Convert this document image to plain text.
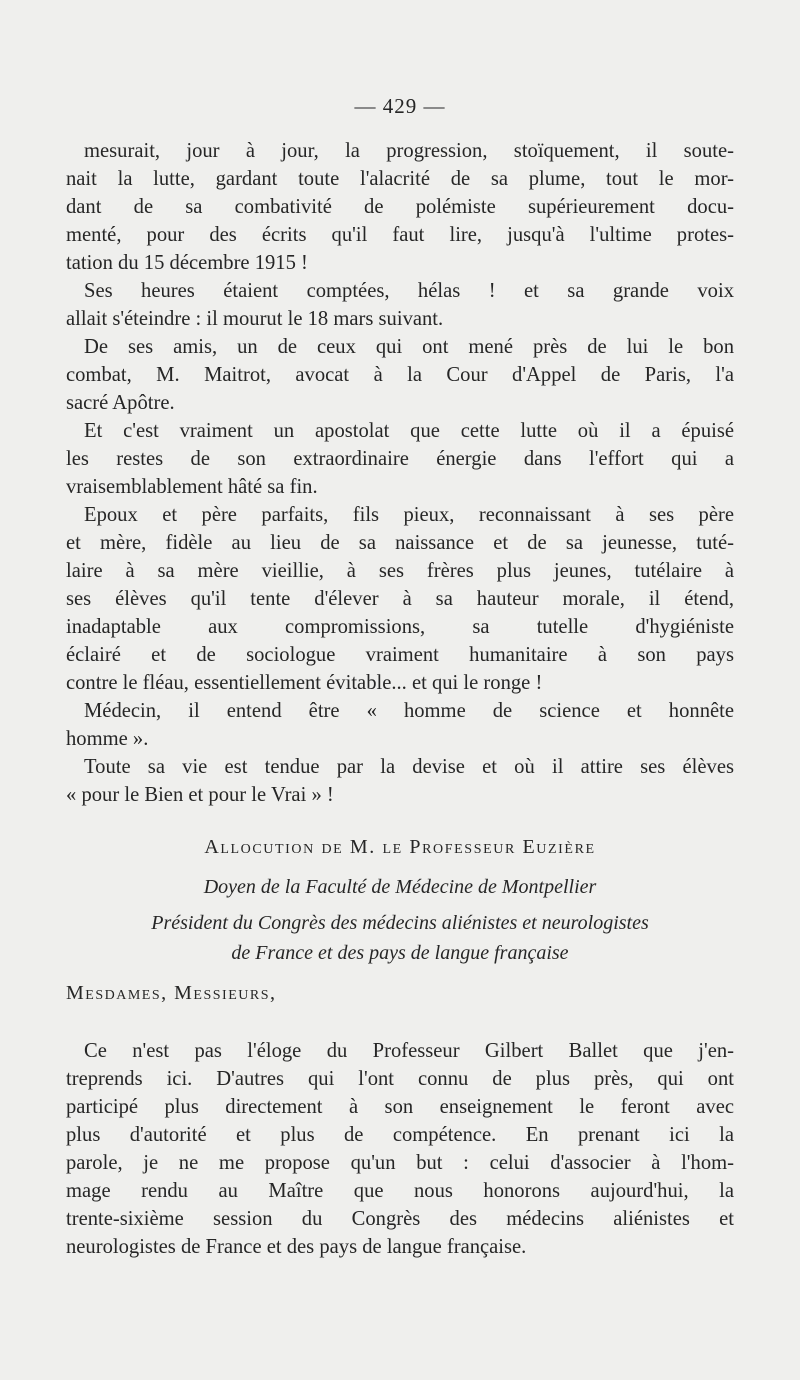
— 429 —
mesurait, jour à jour, la progression, stoïquement, il soute-
nait la lutte, gardant toute l'alacrité de sa plume, tout le mor-
dant de sa combativité de polémiste supérieurement docu-
menté, pour des écrits qu'il faut lire, jusqu'à l'ultime protes-
tation du 15 décembre 1915 !
Ses heures étaient comptées, hélas ! et sa grande voix
allait s'éteindre : il mourut le 18 mars suivant.
De ses amis, un de ceux qui ont mené près de lui le bon
combat, M. Maitrot, avocat à la Cour d'Appel de Paris, l'a
sacré Apôtre.
Et c'est vraiment un apostolat que cette lutte où il a épuisé
les restes de son extraordinaire énergie dans l'effort qui a
vraisemblablement hâté sa fin.
Epoux et père parfaits, fils pieux, reconnaissant à ses père
et mère, fidèle au lieu de sa naissance et de sa jeunesse, tuté-
laire à sa mère vieillie, à ses frères plus jeunes, tutélaire à
ses élèves qu'il tente d'élever à sa hauteur morale, il étend,
inadaptable aux compromissions, sa tutelle d'hygiéniste
éclairé et de sociologue vraiment humanitaire à son pays
contre le fléau, essentiellement évitable... et qui le ronge !
Médecin, il entend être « homme de science et honnête
homme ».
Toute sa vie est tendue par la devise et où il attire ses élèves
« pour le Bien et pour le Vrai » !
Allocution de M. le Professeur Euzière
Doyen de la Faculté de Médecine de Montpellier
Président du Congrès des médecins aliénistes et neurologistes
de France et des pays de langue française
Mesdames, Messieurs,
Ce n'est pas l'éloge du Professeur Gilbert Ballet que j'en-
treprends ici. D'autres qui l'ont connu de plus près, qui ont
participé plus directement à son enseignement le feront avec
plus d'autorité et plus de compétence. En prenant ici la
parole, je ne me propose qu'un but : celui d'associer à l'hom-
mage rendu au Maître que nous honorons aujourd'hui, la
trente-sixième session du Congrès des médecins aliénistes et
neurologistes de France et des pays de langue française.
